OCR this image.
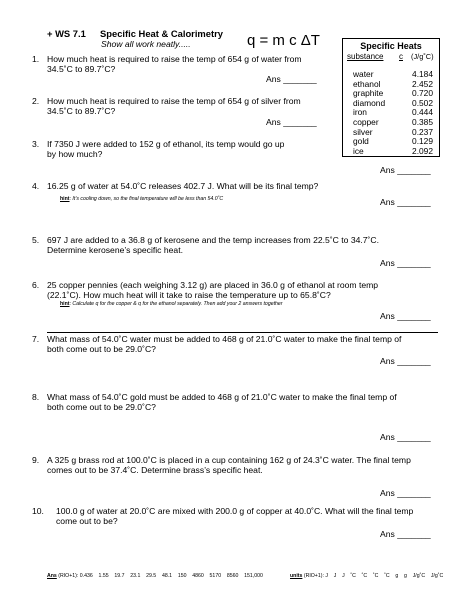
+ WS 7.1 Specific Heat & Calorimetry
Show all work neatly.....	q = m c ΔT	Specific Heats
substance c (J/g˚C)
water	4.184
ethanol	2.452
graphite	0.720
diamond	0.502
iron	0.444
copper	0.385
silver	0.237
gold	0.129
ice	2.092
1. How much heat is required to raise the temp of 654 g of water from
34.5˚C to 89.7˚C?
Ans _______
2. How much heat is required to raise the temp of 654 g of silver from
34.5˚C to 89.7˚C?
Ans _______
3. If 7350 J were added to 152 g of ethanol, its temp would go up
by how much?
Ans _______
4. 16.25 g of water at 54.0˚C releases 402.7 J. What will be its final temp?
hint: It’s cooling down, so the final temperature will be less than 54.0˚C	Ans _______
5. 697 J are added to a 36.8 g of kerosene and the temp increases from 22.5˚C to 34.7˚C.
Determine kerosene’s specific heat.
Ans _______
6. 25 copper pennies (each weighing 3.12 g) are placed in 36.0 g of ethanol at room temp
(22.1˚C). How much heat will it take to raise the temperature up to 65.8˚C?
hint: Calculate q for the copper & q for the ethanol separately. Then add your 2 answers together
Ans _______
7. What mass of 54.0˚C water must be added to 468 g of 21.0˚C water to make the final temp of
both come out to be 29.0˚C?
Ans _______
8. What mass of 54.0˚C gold must be added to 468 g of 21.0˚C water to make the final temp of
both come out to be 29.0˚C?
Ans _______
9. A 325 g brass rod at 100.0˚C is placed in a cup containing 162 g of 24.3˚C water. The final temp
comes out to be 37.4˚C. Determine brass’s specific heat.
Ans _______
10. 100.0 g of water at 20.0˚C are mixed with 200.0 g of copper at 40.0˚C. What will the final temp
come out to be?
Ans _______
Ans (RIO+1): 0.436    1.55    19.7    23.1    29.5    48.1    150    4860    5170    8560    151,000	units (RIO+1): J    J    J    ˚C    ˚C    ˚C    ˚C    g    g    J/g˚C    J/g˚C
